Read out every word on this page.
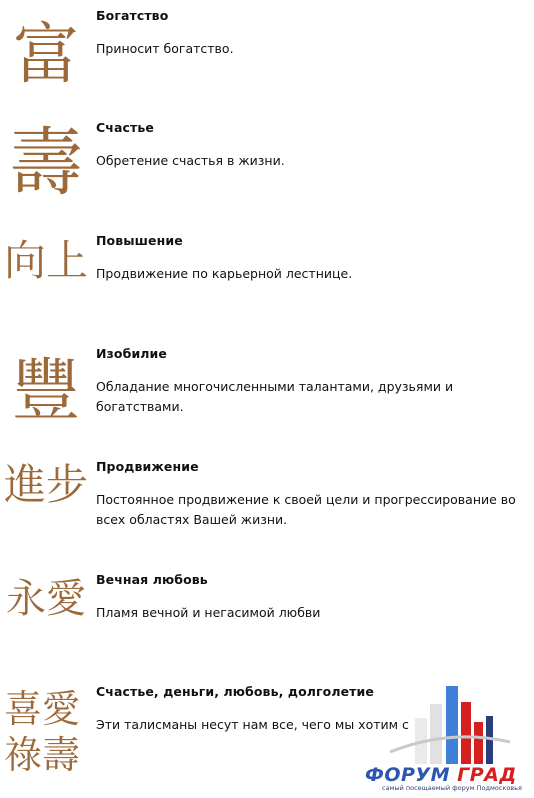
富
Богатство
Приносит богатство.
壽	Счастье
Обретение счастья в жизни.
向上 Повышение
Продвижение по карьерной лестнице.
豐	Изобилие
Обладание многочисленными талантами, друзьями и богатствами.
進步 Продвижение
Постоянное продвижение к своей цели и прогрессирование во всех областях Вашей жизни.
永愛 Вечная любовь
Пламя вечной и негасимой любви
喜愛祿壽
Счастье, деньги, любовь, долголетие
Эти талисманы несут нам все, чего мы хотим с
ФОРУМ ГРАД
самый посещаемый форум Подмосковья
